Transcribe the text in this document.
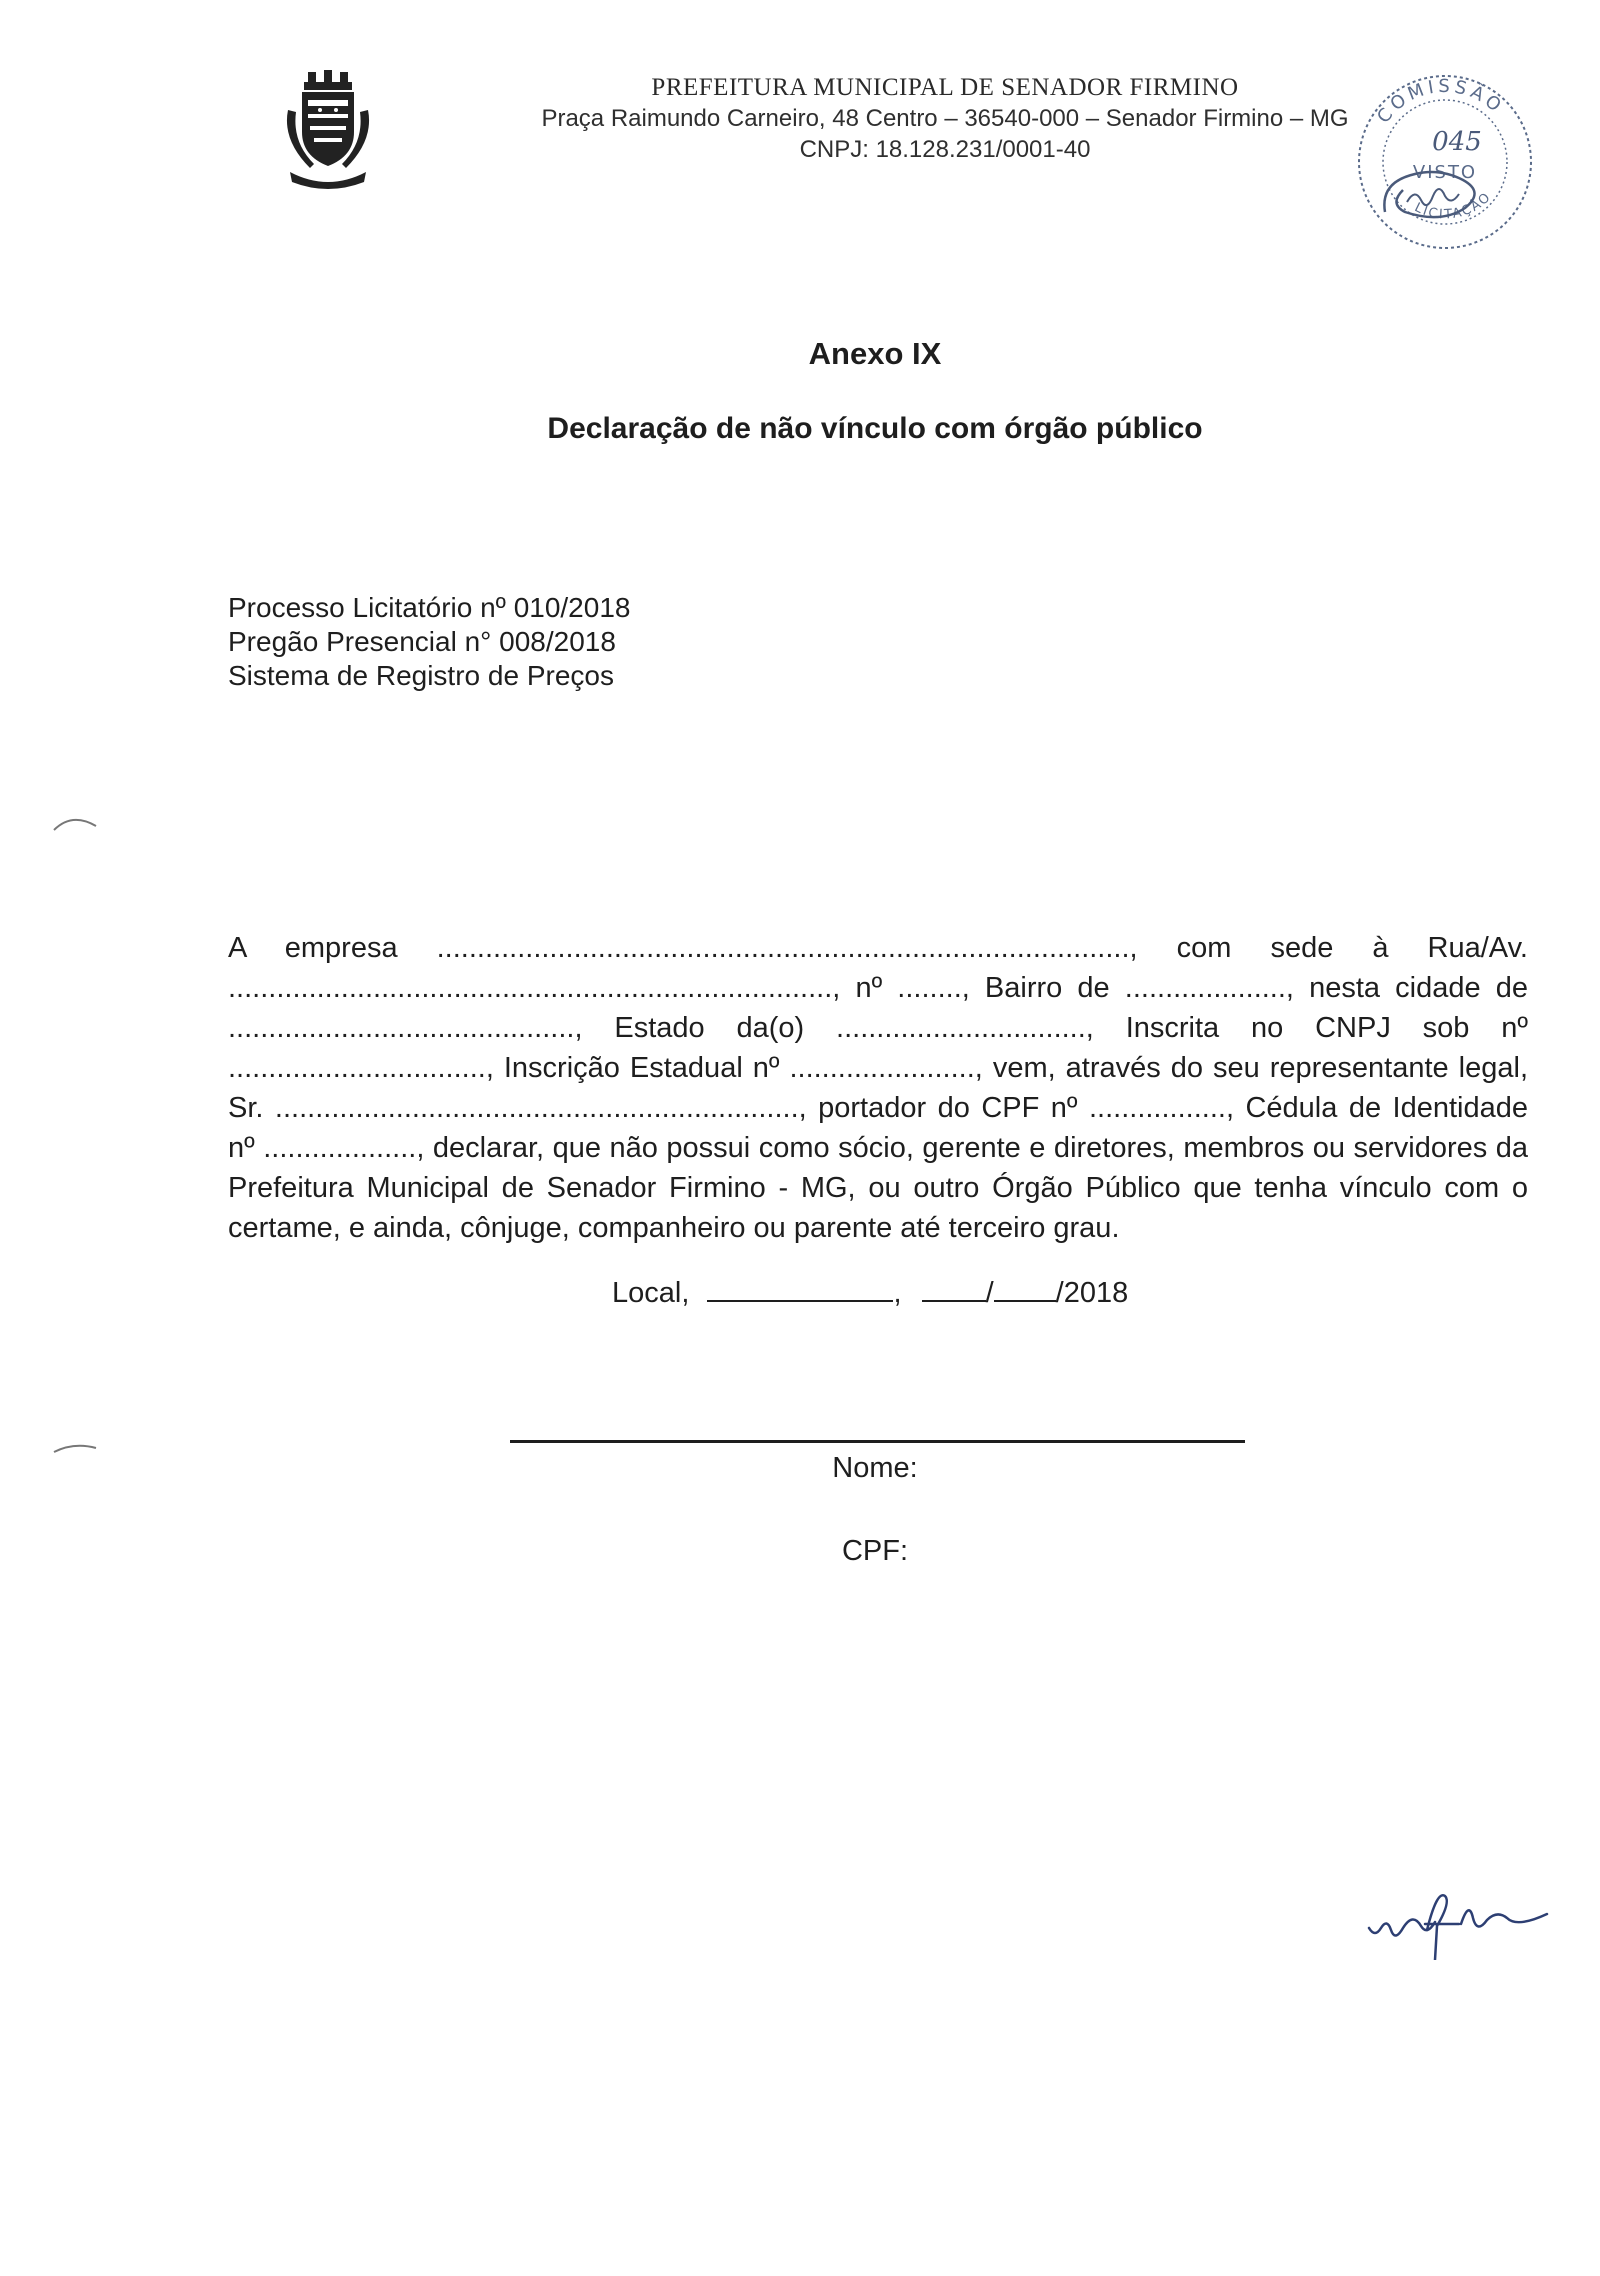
PREFEITURA MUNICIPAL DE SENADOR FIRMINO
Praça Raimundo Carneiro, 48 Centro – 36540-000 – Senador Firmino – MG
CNPJ: 18.128.231/0001-40
COMISSÃO
VISTO
LICITAÇÃO
045
Anexo IX
Declaração de não vínculo com órgão público
Processo Licitatório nº 010/2018
Pregão Presencial n° 008/2018
Sistema de Registro de Preços
A empresa ......................................................................................, com sede à Rua/Av. ..........................................................................., nº ........, Bairro de ...................., nesta cidade de ..........................................., Estado da(o) ..............................., Inscrita no CNPJ sob nº ................................, Inscrição Estadual nº ......................., vem, através do seu representante legal, Sr. ................................................................., portador do CPF nº ................., Cédula de Identidade nº ..................., declarar, que não possui como sócio, gerente e diretores, membros ou servidores da Prefeitura Municipal de Senador Firmino - MG, ou outro Órgão Público que tenha vínculo com o certame, e ainda, cônjuge, companheiro ou parente até terceiro grau.
Local,	,	/ /2018
Nome:
CPF:
